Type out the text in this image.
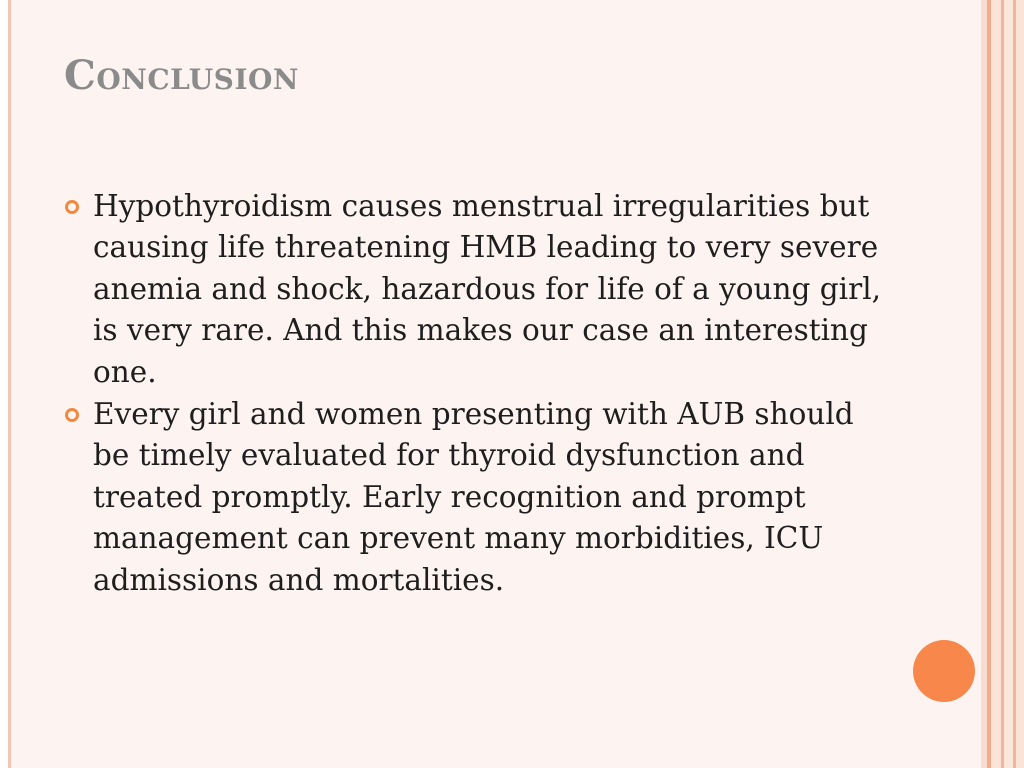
Conclusion
Hypothyroidism causes menstrual irregularities but causing life threatening HMB leading to very severe anemia and shock, hazardous for life of a young girl, is very rare. And this makes our case an interesting one.
Every girl and women presenting with AUB should be timely evaluated for thyroid dysfunction and treated promptly. Early recognition and prompt management can prevent many morbidities, ICU admissions and mortalities.
